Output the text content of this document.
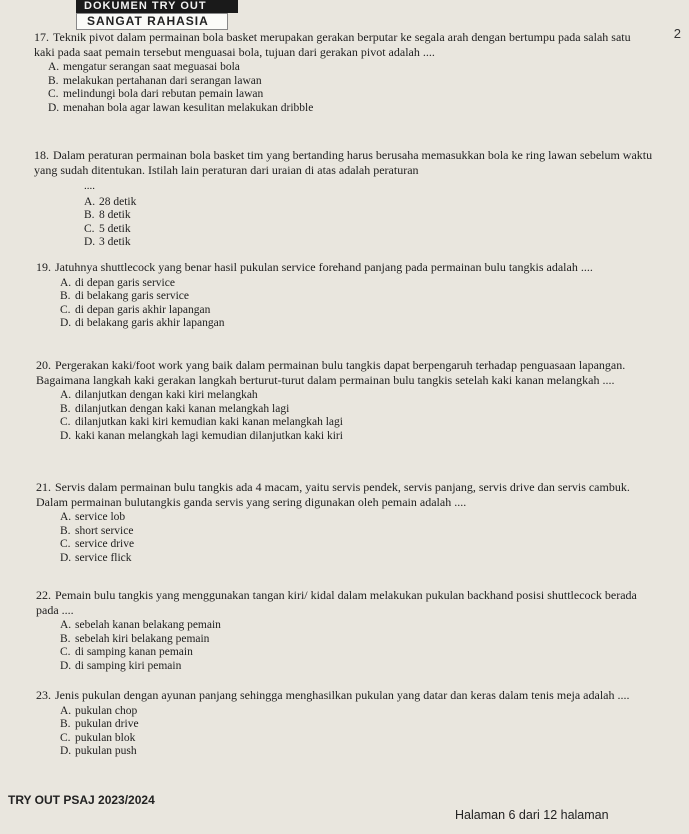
DOKUMEN TRY OUT
SANGAT RAHASIA
2

17. Teknik pivot dalam permainan bola basket merupakan gerakan berputar ke segala arah dengan bertumpu pada salah satu kaki pada saat pemain tersebut menguasai bola, tujuan dari gerakan pivot adalah ....

A. mengatur serangan saat meguasai bola
B. melakukan pertahanan dari serangan lawan
C. melindungi bola dari rebutan pemain lawan
D. menahan bola agar lawan kesulitan melakukan dribble

18. Dalam peraturan permainan bola basket tim yang bertanding harus berusaha memasukkan bola ke ring lawan sebelum waktu yang sudah ditentukan. Istilah lain peraturan dari uraian di atas adalah peraturan

....
A. 28 detik
B. 8 detik
C. 5 detik
D. 3 detik

19. Jatuhnya shuttlecock yang benar hasil pukulan service forehand panjang pada permainan bulu tangkis adalah ....

A. di depan garis service
B. di belakang garis service
C. di depan garis akhir lapangan
D. di belakang garis akhir lapangan

20. Pergerakan kaki/foot work yang baik dalam permainan bulu tangkis dapat berpengaruh terhadap penguasaan lapangan. Bagaimana langkah kaki gerakan langkah berturut-turut dalam permainan bulu tangkis setelah kaki kanan melangkah ....

A. dilanjutkan dengan kaki kiri melangkah
B. dilanjutkan dengan kaki kanan melangkah lagi
C. dilanjutkan kaki kiri kemudian kaki kanan melangkah lagi
D. kaki kanan melangkah lagi kemudian dilanjutkan kaki kiri

21. Servis dalam permainan bulu tangkis ada 4 macam, yaitu servis pendek, servis panjang, servis drive dan servis cambuk. Dalam permainan bulutangkis ganda servis yang sering digunakan oleh pemain adalah ....

A. service lob
B. short service
C. service drive
D. service flick

22. Pemain bulu tangkis yang menggunakan tangan kiri/ kidal dalam melakukan pukulan backhand posisi shuttlecock berada pada ....

A. sebelah kanan belakang pemain
B. sebelah kiri belakang pemain
C. di samping kanan pemain
D. di samping kiri pemain

23. Jenis pukulan dengan ayunan panjang sehingga menghasilkan pukulan yang datar dan keras dalam tenis meja adalah ....

A. pukulan chop
B. pukulan drive
C. pukulan blok
D. pukulan push
TRY OUT PSAJ 2023/2024
Halaman 6 dari 12 halaman
